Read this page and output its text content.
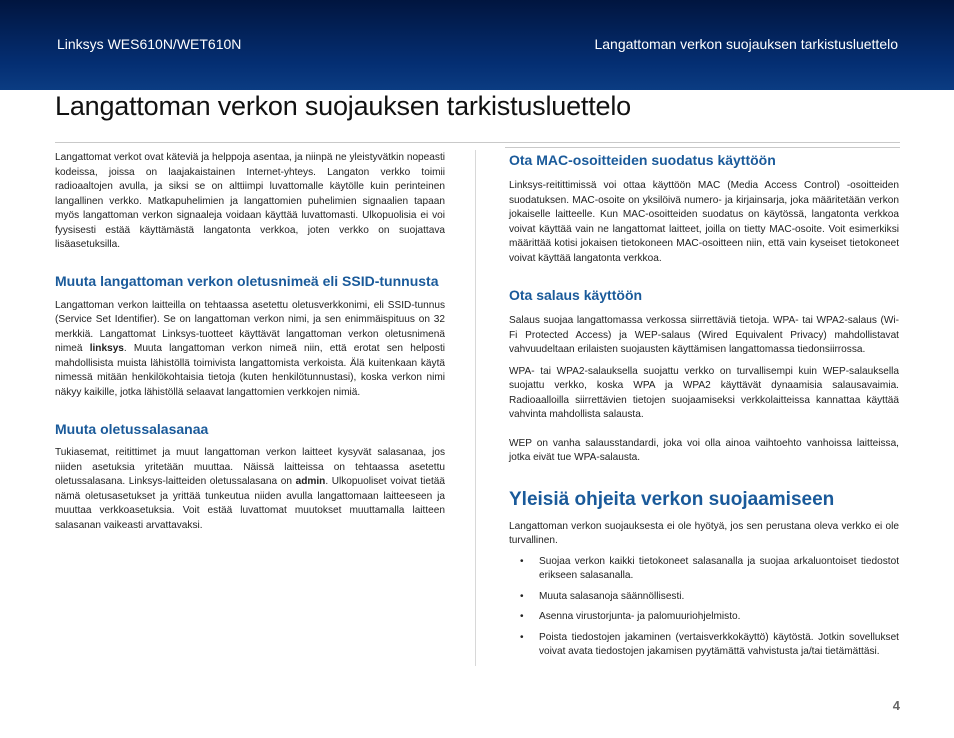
Linksys WES610N/WET610N	Langattoman verkon suojauksen tarkistusluettelo
Langattoman verkon suojauksen tarkistusluettelo

Langattomat verkot ovat käteviä ja helppoja asentaa, ja niinpä ne yleistyvätkin nopeasti kodeissa, joissa on laajakaistainen Internet-yhteys. Langaton verkko toimii radioaaltojen avulla, ja siksi se on alttiimpi luvattomalle käytölle kuin perinteinen langallinen verkko. Matkapuhelimien ja langattomien puhelimien signaalien tapaan myös langattoman verkon signaaleja voidaan käyttää luvattomasti. Ulkopuolisia ei voi fyysisesti estää käyttämästä langatonta verkkoa, joten verkko on suojattava lisäasetuksilla.

Muuta langattoman verkon oletusnimeä eli SSID-tunnusta

Langattoman verkon laitteilla on tehtaassa asetettu oletusverkkonimi, eli SSID-tunnus (Service Set Identifier). Se on langattoman verkon nimi, ja sen enimmäispituus on 32 merkkiä. Langattomat Linksys-tuotteet käyttävät langattoman verkon oletusnimenä nimeä linksys. Muuta langattoman verkon nimeä niin, että erotat sen helposti mahdollisista muista lähistöllä toimivista langattomista verkoista. Älä kuitenkaan käytä nimessä mitään henkilökohtaisia tietoja (kuten henkilötunnustasi), koska verkon nimi näkyy kaikille, jotka lähistöllä selaavat langattomien verkkojen nimiä.

Muuta oletussalasanaa

Tukiasemat, reitittimet ja muut langattoman verkon laitteet kysyvät salasanaa, jos niiden asetuksia yritetään muuttaa. Näissä laitteissa on tehtaassa asetettu oletussalasana. Linksys-laitteiden oletussalasana on admin. Ulkopuoliset voivat tietää nämä oletusasetukset ja yrittää tunkeutua niiden avulla langattomaan laitteeseen ja muuttaa verkkoasetuksia. Voit estää luvattomat muutokset muuttamalla laitteen salasanan vaikeasti arvattavaksi.

Ota MAC-osoitteiden suodatus käyttöön

Linksys-reitittimissä voi ottaa käyttöön MAC (Media Access Control) -osoitteiden suodatuksen. MAC-osoite on yksilöivä numero- ja kirjainsarja, joka määritetään verkon jokaiselle laitteelle. Kun MAC-osoitteiden suodatus on käytössä, langatonta verkkoa voivat käyttää vain ne langattomat laitteet, joilla on tietty MAC-osoite. Voit esimerkiksi määrittää kotisi jokaisen tietokoneen MAC-osoitteen niin, että vain kyseiset tietokoneet voivat käyttää langatonta verkkoa.

Ota salaus käyttöön

Salaus suojaa langattomassa verkossa siirrettäviä tietoja. WPA- tai WPA2-salaus (Wi-Fi Protected Access) ja WEP-salaus (Wired Equivalent Privacy) mahdollistavat vahvuudeltaan erilaisten suojausten käyttämisen langattomassa tiedonsiirrossa.

WPA- tai WPA2-salauksella suojattu verkko on turvallisempi kuin WEP-salauksella suojattu verkko, koska WPA ja WPA2 käyttävät dynaamisia salausavaimia. Radioaalloilla siirrettävien tietojen suojaamiseksi verkkolaitteissa kannattaa käyttää vahvinta mahdollista salausta.

WEP on vanha salausstandardi, joka voi olla ainoa vaihtoehto vanhoissa laitteissa, jotka eivät tue WPA-salausta.

Yleisiä ohjeita verkon suojaamiseen

Langattoman verkon suojauksesta ei ole hyötyä, jos sen perustana oleva verkko ei ole turvallinen.

• Suojaa verkon kaikki tietokoneet salasanalla ja suojaa arkaluontoiset tiedostot erikseen salasanalla.
• Muuta salasanoja säännöllisesti.
• Asenna virustorjunta- ja palomuuriohjelmisto.
• Poista tiedostojen jakaminen (vertaisverkkokäyttö) käytöstä. Jotkin sovellukset voivat avata tiedostojen jakamisen pyytämättä vahvistusta ja/tai tietämättäsi.
4
